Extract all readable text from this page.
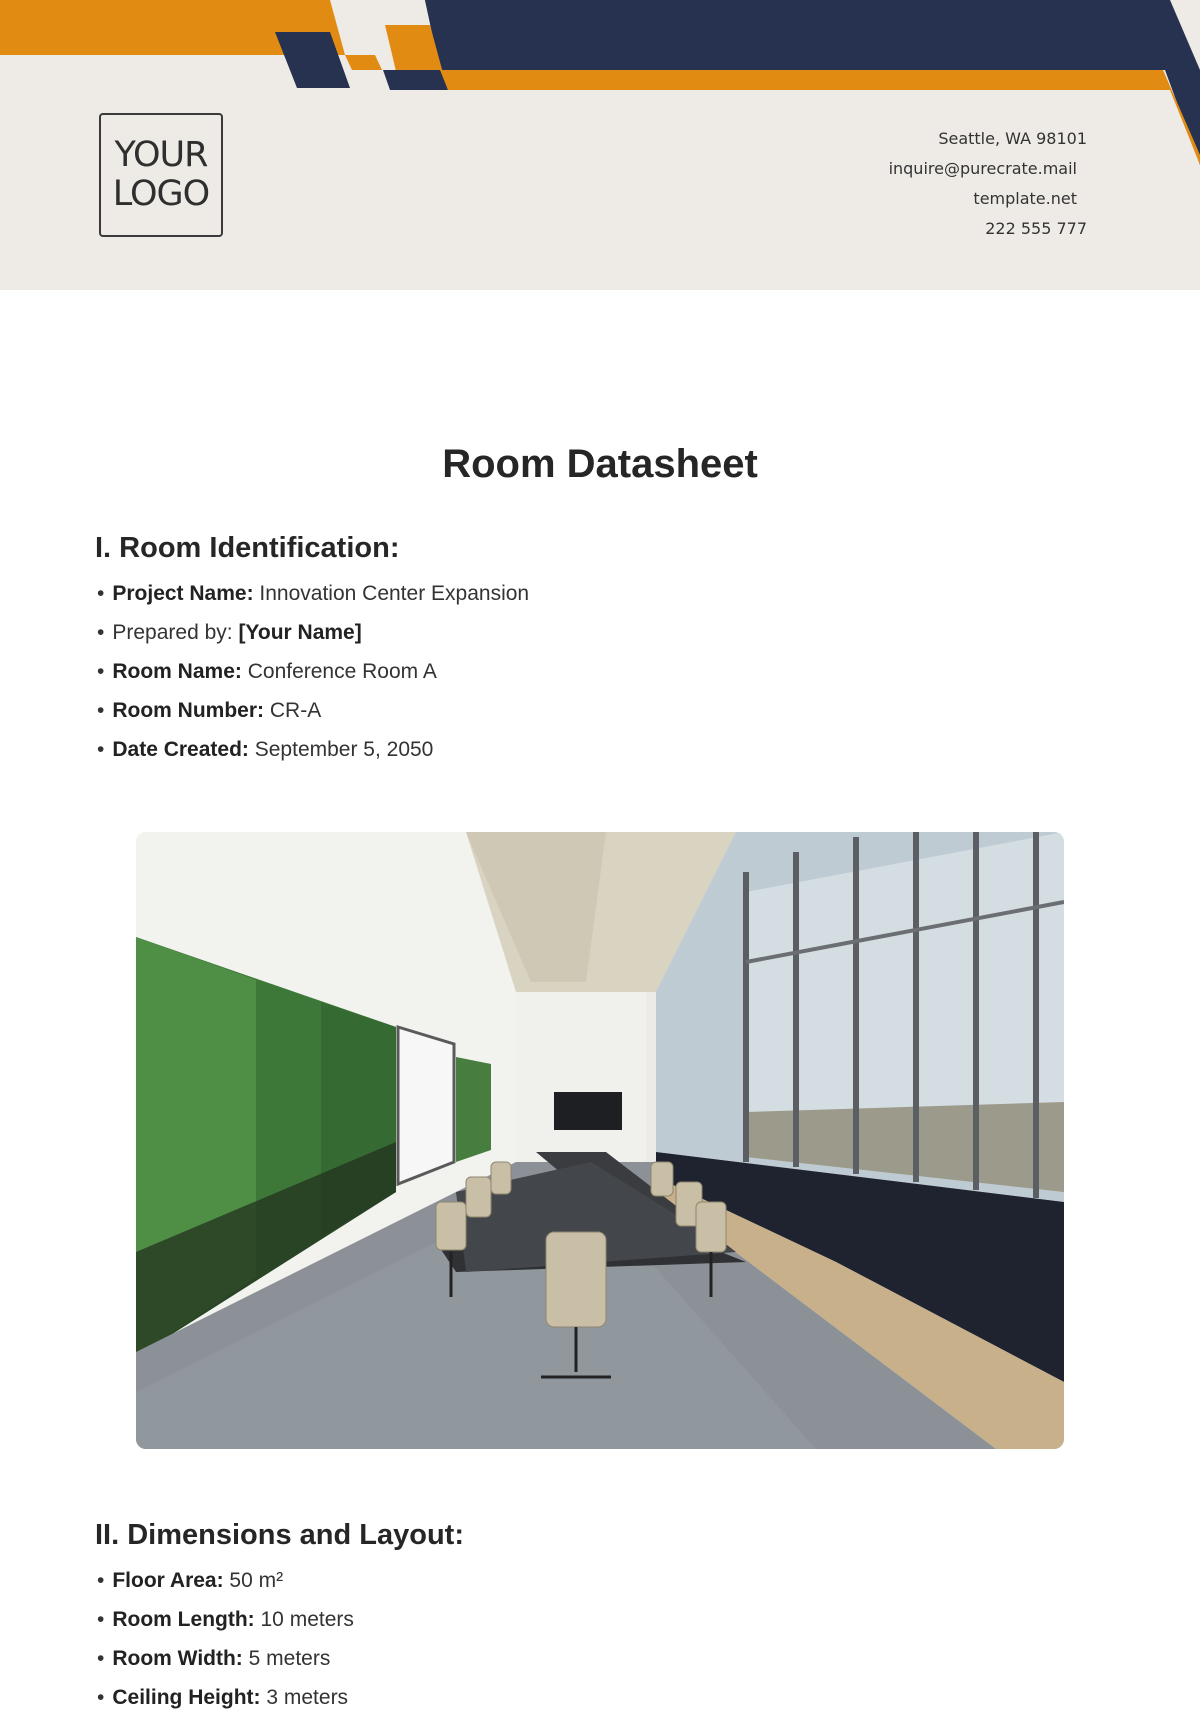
YOUR
LOGO
Seattle, WA 98101
inquire@purecrate.mail
template.net
222 555 777
Room Datasheet
I. Room Identification:
• Project Name: Innovation Center Expansion
• Prepared by: [Your Name]
• Room Name: Conference Room A
• Room Number: CR-A
• Date Created: September 5, 2050
II. Dimensions and Layout:
• Floor Area: 50 m²
• Room Length: 10 meters
• Room Width: 5 meters
• Ceiling Height: 3 meters
